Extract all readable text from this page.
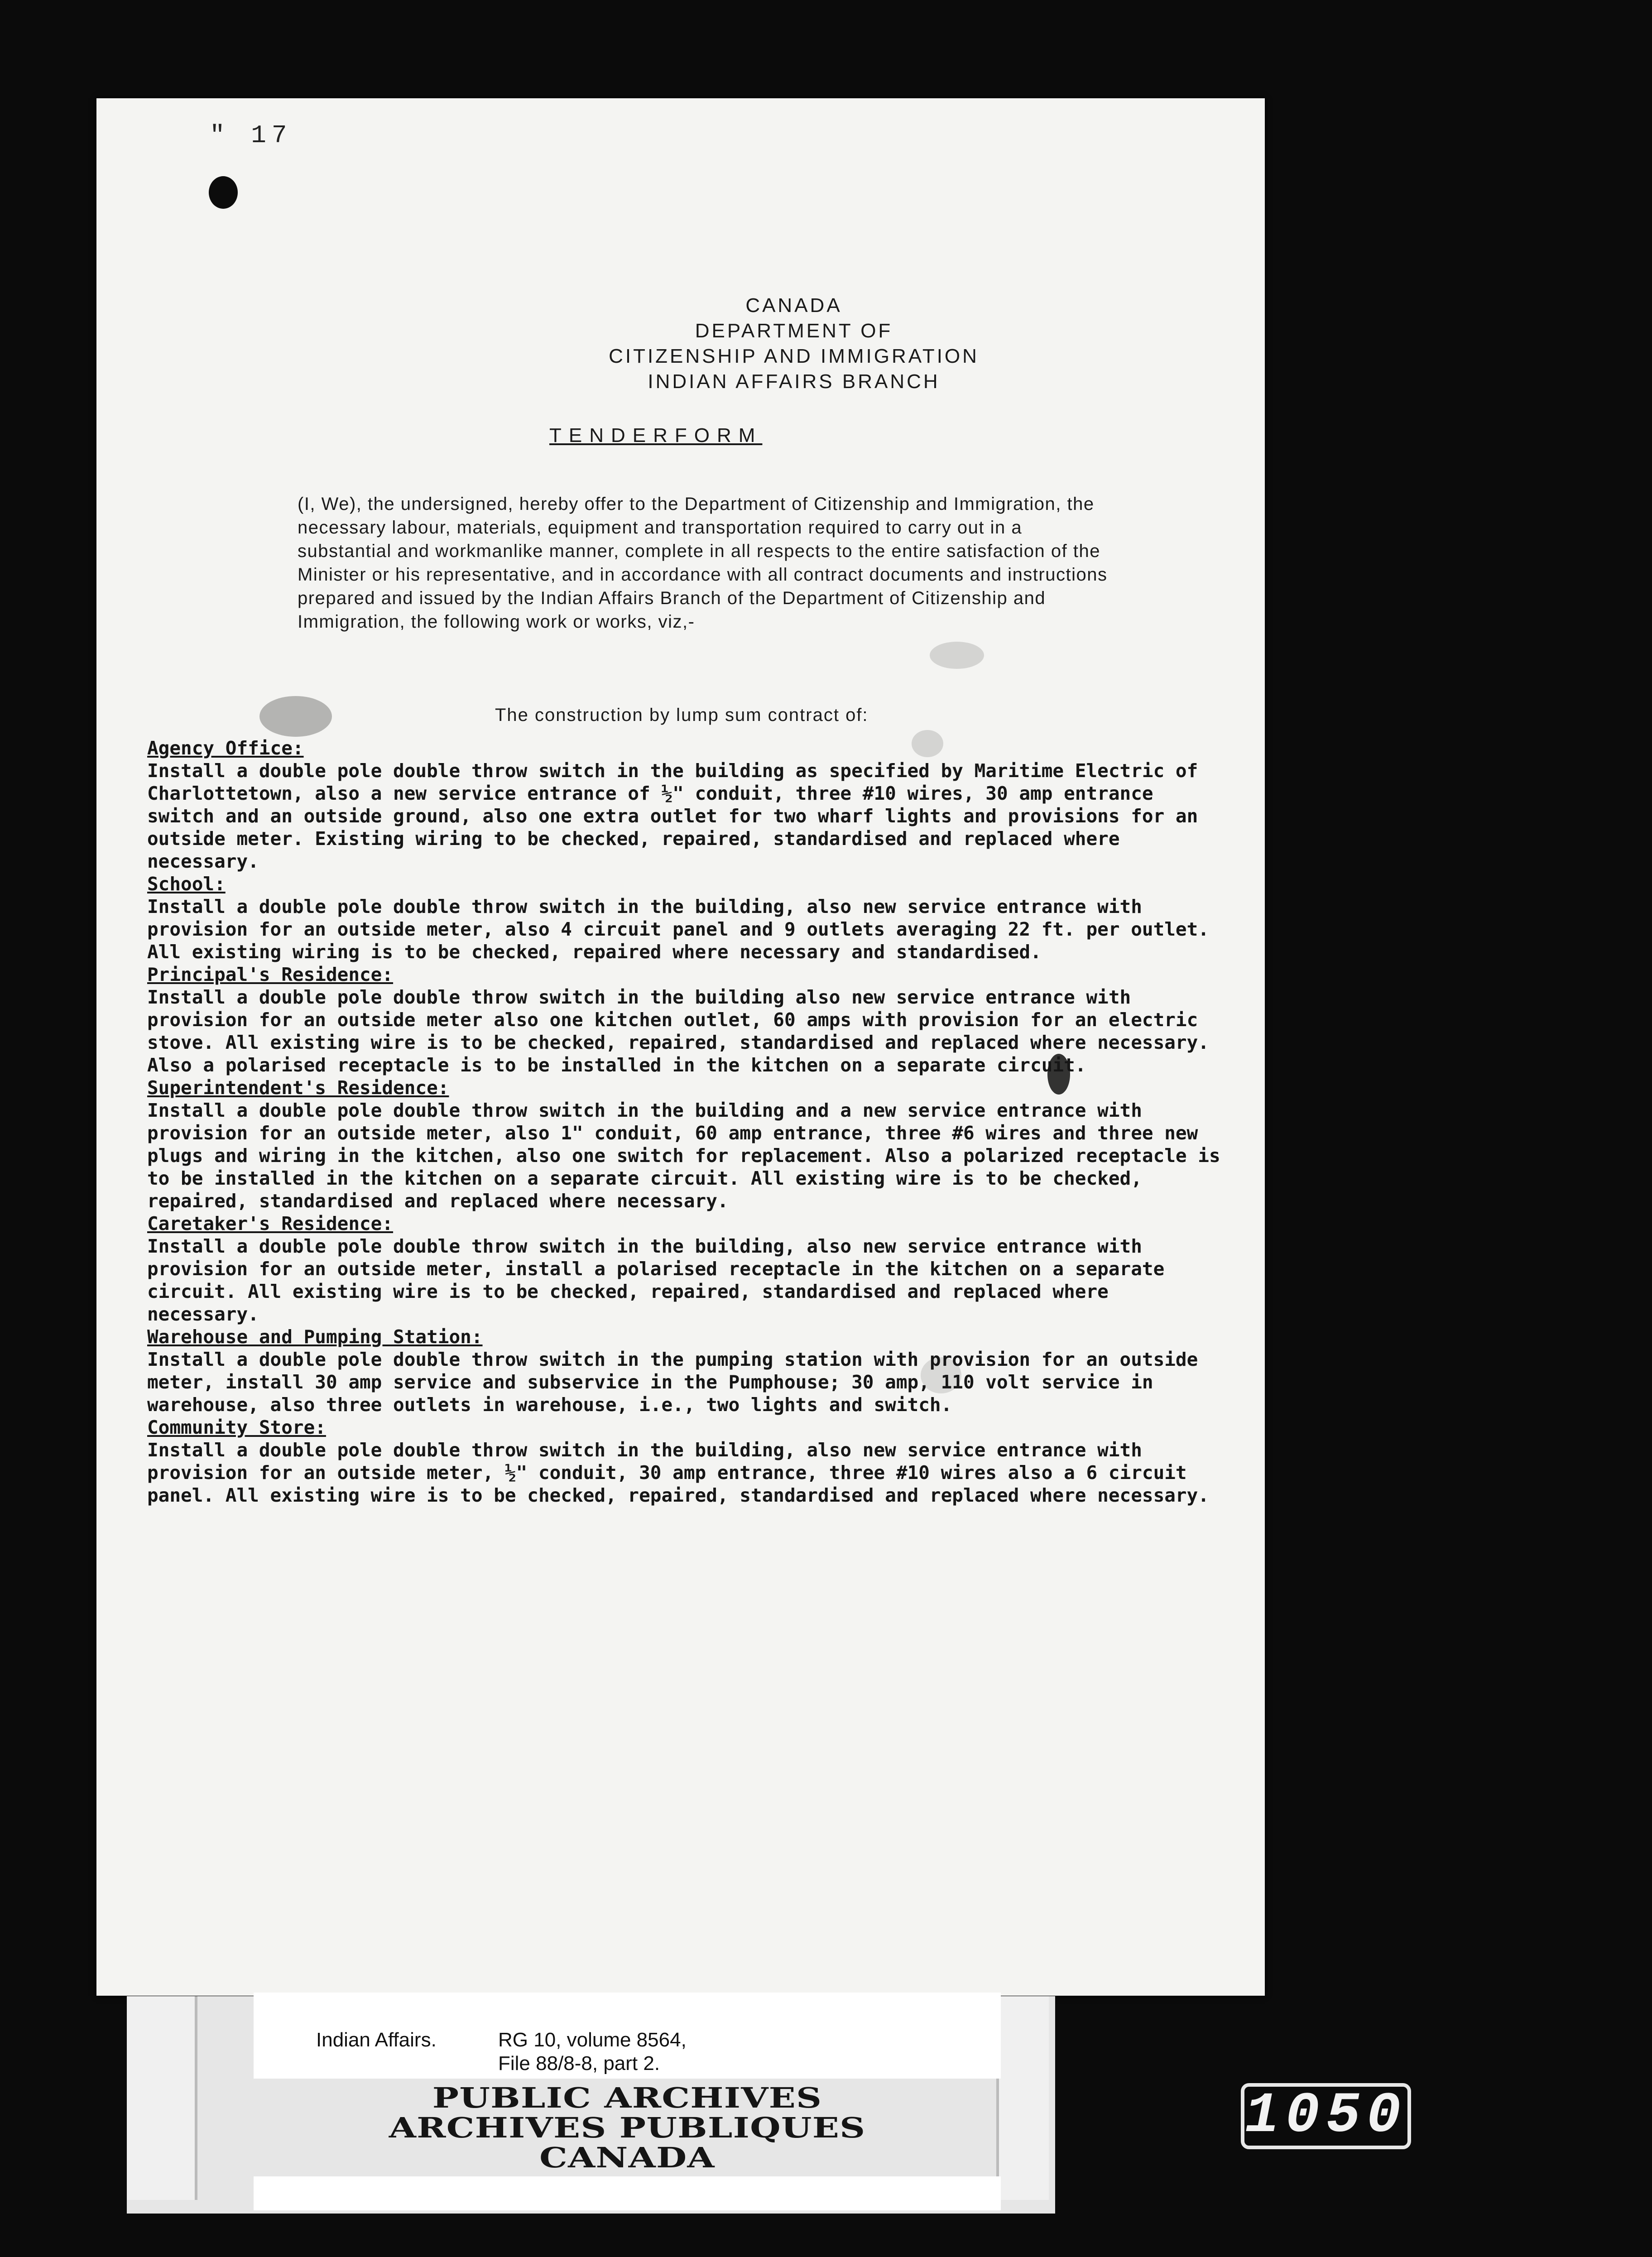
" 17
CANADA
DEPARTMENT OF
CITIZENSHIP AND IMMIGRATION
INDIAN AFFAIRS BRANCH
TENDERFORM

(I, We), the undersigned, hereby offer to the Department of Citizenship and Immigration, the necessary labour, materials, equipment and transportation required to carry out in a substantial and workmanlike manner, complete in all respects to the entire satisfaction of the Minister or his representative, and in accordance with all contract documents and instructions prepared and issued by the Indian Affairs Branch of the Department of Citizenship and Immigration, the following work or works, viz,-

The construction by lump sum contract of:

Agency Office:

Install a double pole double throw switch in the building as specified by Maritime Electric of Charlottetown, also a new service entrance of ½" conduit, three #10 wires, 30 amp entrance switch and an outside ground, also one extra outlet for two wharf lights and provisions for an outside meter. Existing wiring to be checked, repaired, standardised and replaced where necessary.

School:

Install a double pole double throw switch in the building, also new service entrance with provision for an outside meter, also 4 circuit panel and 9 outlets averaging 22 ft. per outlet. All existing wiring is to be checked, repaired where necessary and standardised.

Principal's Residence:

Install a double pole double throw switch in the building also new service entrance with provision for an outside meter also one kitchen outlet, 60 amps with provision for an electric stove. All existing wire is to be checked, repaired, standardised and replaced where necessary. Also a polarised receptacle is to be installed in the kitchen on a separate circuit.

Superintendent's Residence:

Install a double pole double throw switch in the building and a new service entrance with provision for an outside meter, also 1" conduit, 60 amp entrance, three #6 wires and three new plugs and wiring in the kitchen, also one switch for replacement. Also a polarized receptacle is to be installed in the kitchen on a separate circuit. All existing wire is to be checked, repaired, standardised and replaced where necessary.

Caretaker's Residence:

Install a double pole double throw switch in the building, also new service entrance with provision for an outside meter, install a polarised receptacle in the kitchen on a separate circuit. All existing wire is to be checked, repaired, standardised and replaced where necessary.

Warehouse and Pumping Station:

Install a double pole double throw switch in the pumping station with provision for an outside meter, install 30 amp service and subservice in the Pumphouse; 30 amp, 110 volt service in warehouse, also three outlets in warehouse, i.e., two lights and switch.

Community Store:

Install a double pole double throw switch in the building, also new service entrance with provision for an outside meter, ½" conduit, 30 amp entrance, three #10 wires also a 6 circuit panel. All existing wire is to be checked, repaired, standardised and replaced where necessary.

Indian Affairs.	RG 10, volume 8564,
File 88/8-8, part 2.
PUBLIC ARCHIVES
ARCHIVES PUBLIQUES
CANADA
1050
